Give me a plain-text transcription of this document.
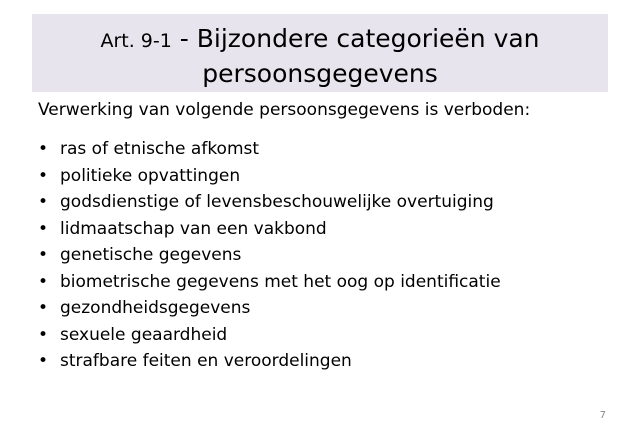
Art. 9-1 - Bijzondere categorieën van
persoonsgegevens
Verwerking van volgende persoonsgegevens is verboden:
• ras of etnische afkomst
• politieke opvattingen
• godsdienstige of levensbeschouwelijke overtuiging
• lidmaatschap van een vakbond
• genetische gegevens
• biometrische gegevens met het oog op identificatie
• gezondheidsgegevens
• sexuele geaardheid
• strafbare feiten en veroordelingen
7
